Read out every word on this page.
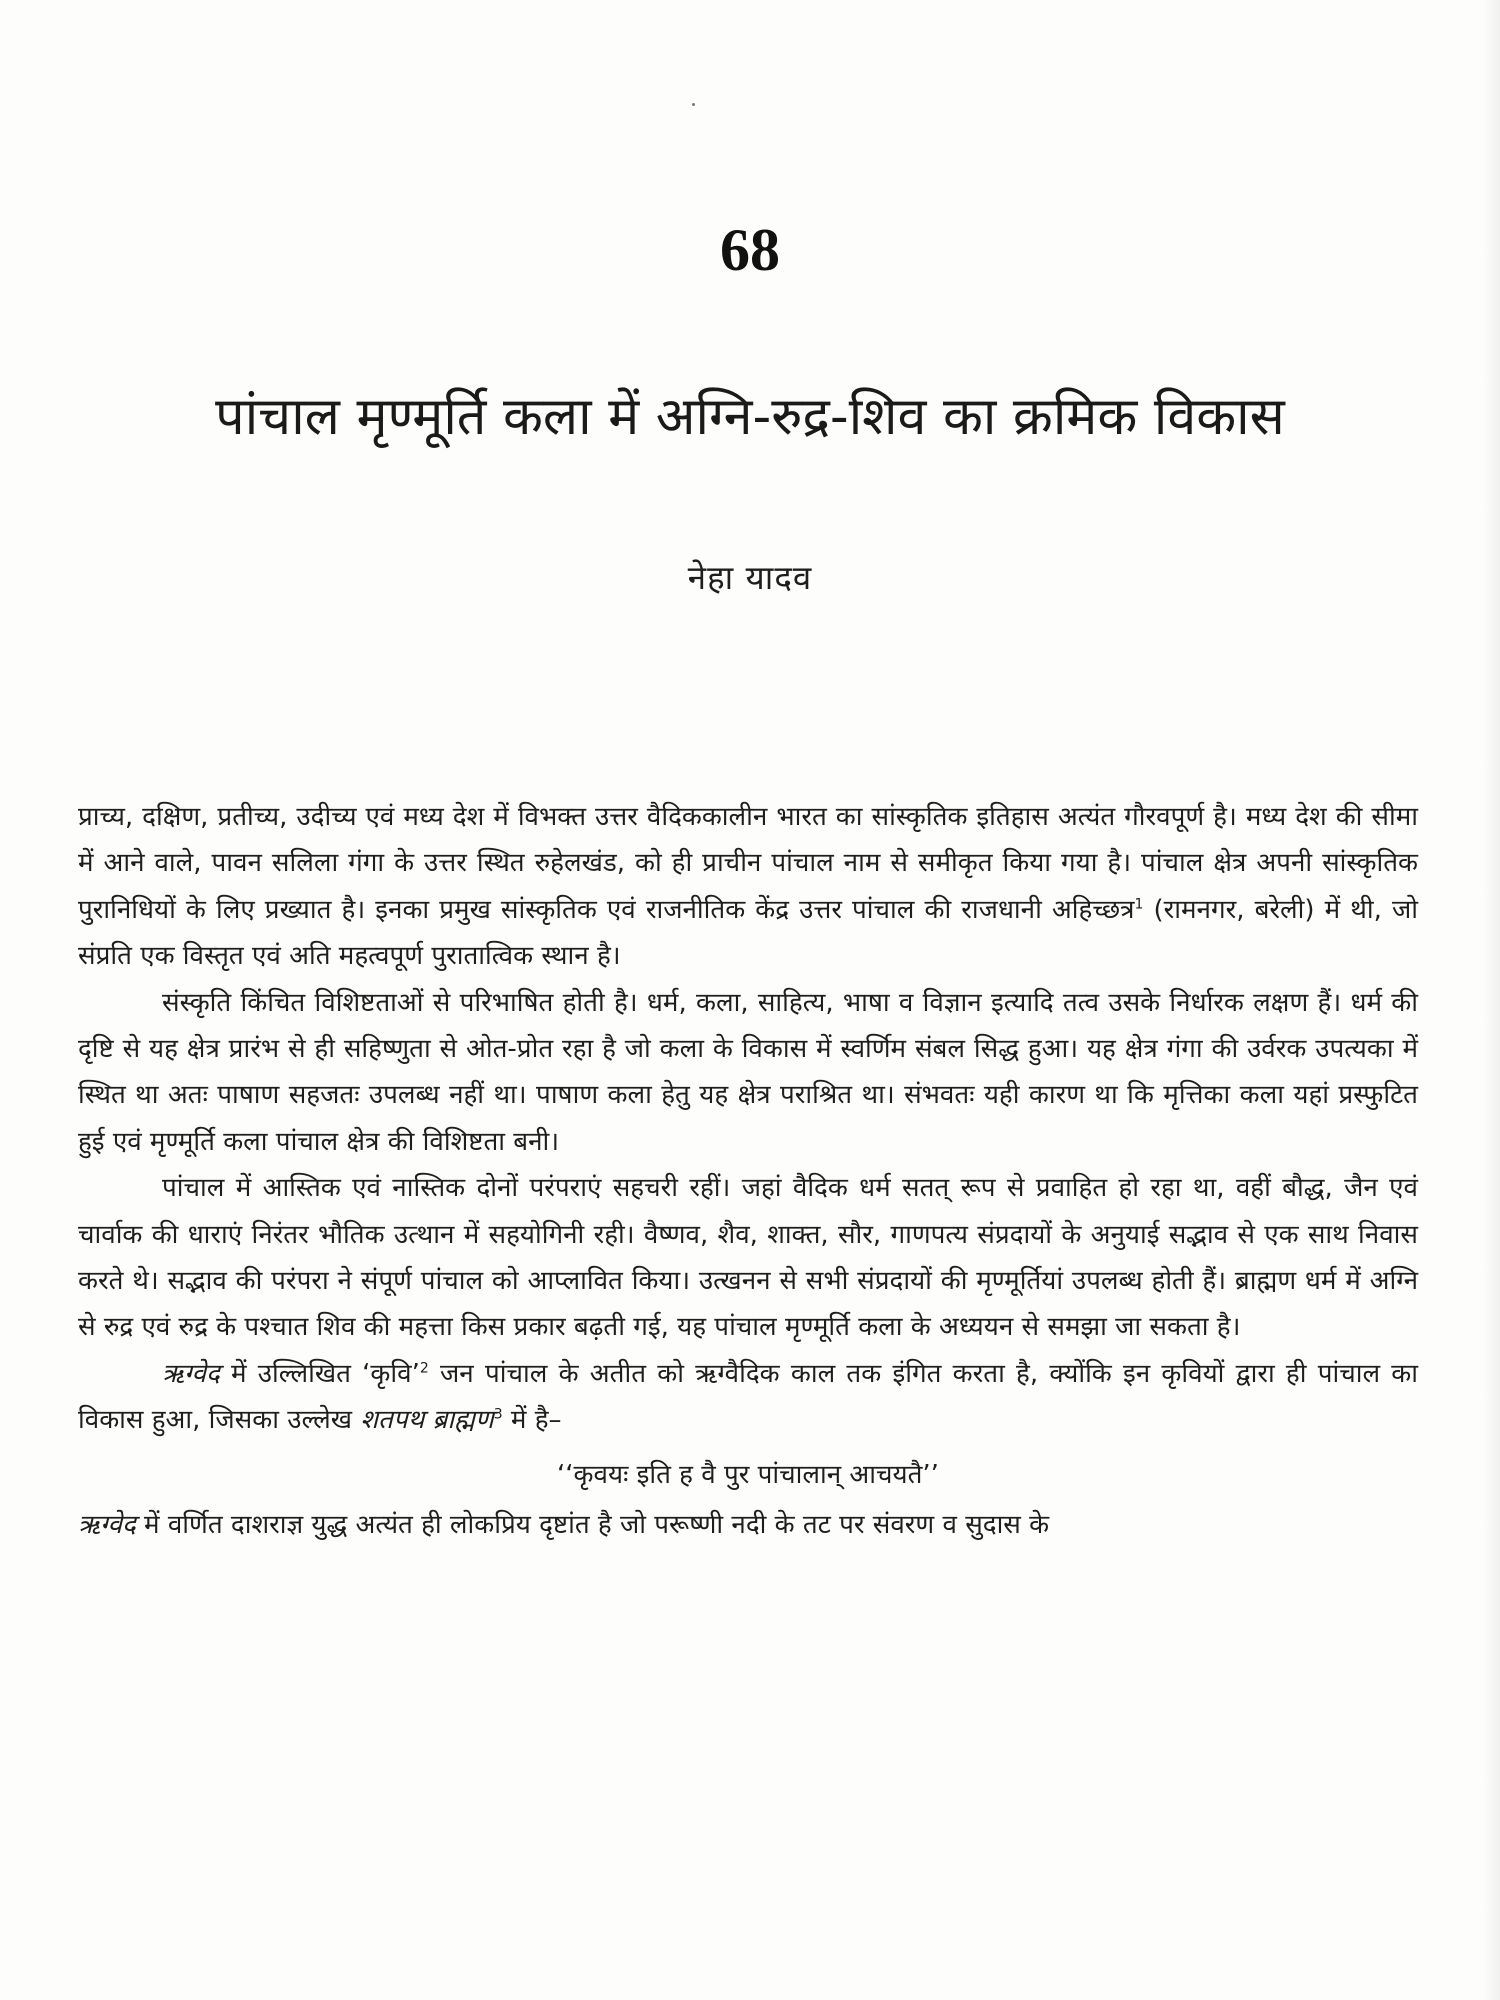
68
पांचाल मृण्मूर्ति कला में अग्नि-रुद्र-शिव का क्रमिक विकास
नेहा यादव

प्राच्य, दक्षिण, प्रतीच्य, उदीच्य एवं मध्य देश में विभक्त उत्तर वैदिककालीन भारत का सांस्कृतिक इतिहास अत्यंत गौरवपूर्ण है। मध्य देश की सीमा में आने वाले, पावन सलिला गंगा के उत्तर स्थित रुहेलखंड, को ही प्राचीन पांचाल नाम से समीकृत किया गया है। पांचाल क्षेत्र अपनी सांस्कृतिक पुरानिधियों के लिए प्रख्यात है। इनका प्रमुख सांस्कृतिक एवं राजनीतिक केंद्र उत्तर पांचाल की राजधानी अहिच्छत्र$^1$ (रामनगर, बरेली) में थी, जो संप्रति एक विस्तृत एवं अति महत्वपूर्ण पुरातात्विक स्थान है।

संस्कृति किंचित विशिष्टताओं से परिभाषित होती है। धर्म, कला, साहित्य, भाषा व विज्ञान इत्यादि तत्व उसके निर्धारक लक्षण हैं। धर्म की दृष्टि से यह क्षेत्र प्रारंभ से ही सहिष्णुता से ओत-प्रोत रहा है जो कला के विकास में स्वर्णिम संबल सिद्ध हुआ। यह क्षेत्र गंगा की उर्वरक उपत्यका में स्थित था अतः पाषाण सहजतः उपलब्ध नहीं था। पाषाण कला हेतु यह क्षेत्र पराश्रित था। संभवतः यही कारण था कि मृत्तिका कला यहां प्रस्फुटित हुई एवं मृण्मूर्ति कला पांचाल क्षेत्र की विशिष्टता बनी।

पांचाल में आस्तिक एवं नास्तिक दोनों परंपराएं सहचरी रहीं। जहां वैदिक धर्म सतत् रूप से प्रवाहित हो रहा था, वहीं बौद्ध, जैन एवं चार्वाक की धाराएं निरंतर भौतिक उत्थान में सहयोगिनी रही। वैष्णव, शैव, शाक्त, सौर, गाणपत्य संप्रदायों के अनुयाई सद्भाव से एक साथ निवास करते थे। सद्भाव की परंपरा ने संपूर्ण पांचाल को आप्लावित किया। उत्खनन से सभी संप्रदायों की मृण्मूर्तियां उपलब्ध होती हैं। ब्राह्मण धर्म में अग्नि से रुद्र एवं रुद्र के पश्चात शिव की महत्ता किस प्रकार बढ़ती गई, यह पांचाल मृण्मूर्ति कला के अध्ययन से समझा जा सकता है।

ऋग्वेद में उल्लिखित ‘कृवि’$^2$ जन पांचाल के अतीत को ऋग्वैदिक काल तक इंगित करता है, क्योंकि इन कृवियों द्वारा ही पांचाल का विकास हुआ, जिसका उल्लेख शतपथ ब्राह्मण$^3$ में है–

‘‘कृवयः इति ह वै पुर पांचालान् आचयतै’’

ऋग्वेद में वर्णित दाशराज्ञ युद्ध अत्यंत ही लोकप्रिय दृष्टांत है जो परूष्णी नदी के तट पर संवरण व सुदास के
